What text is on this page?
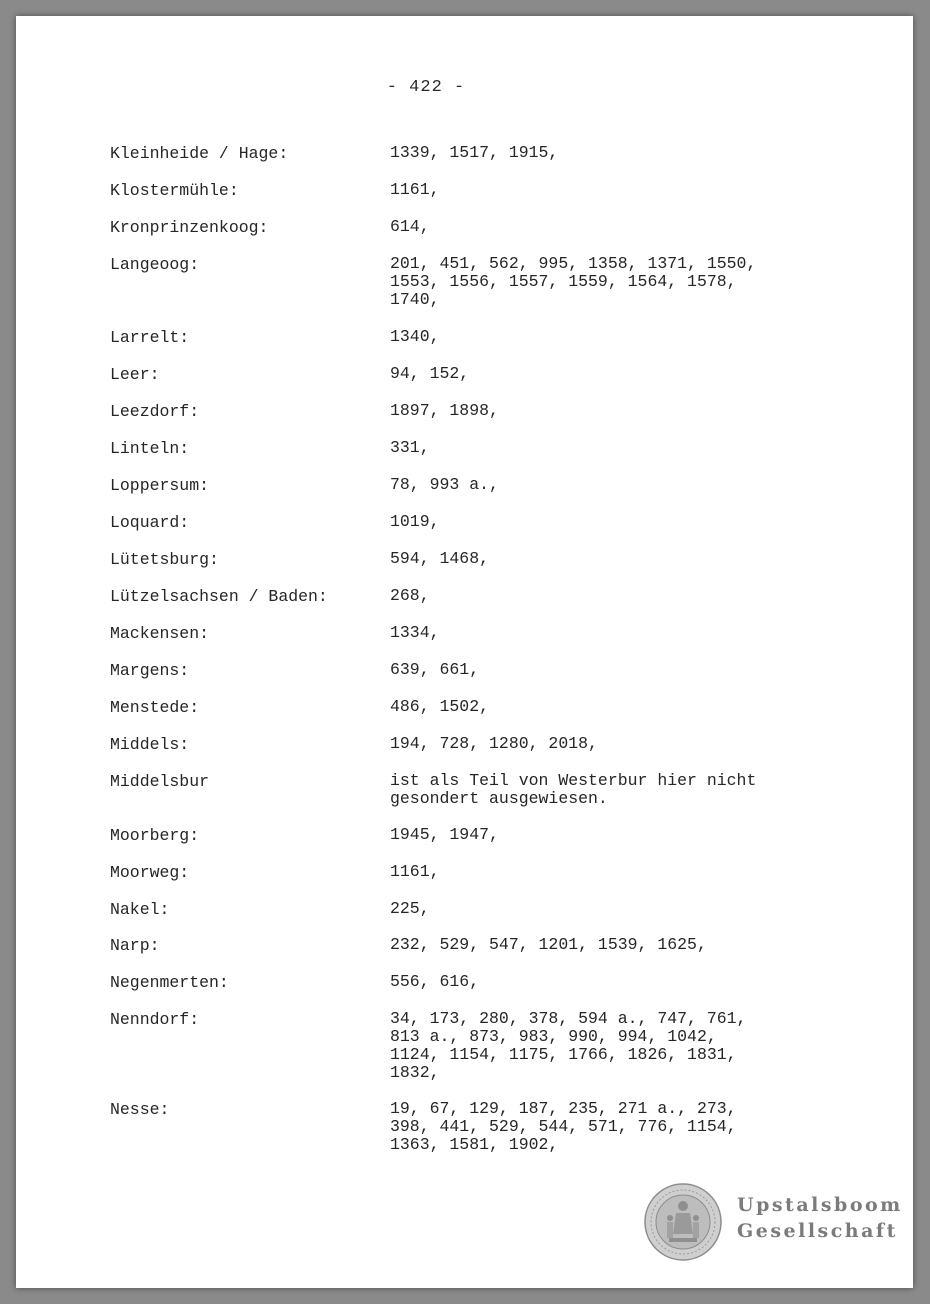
- 422 -
Kleinheide / Hage:	1339, 1517, 1915,
Klostermühle:	1161,
Kronprinzenkoog:	614,
Langeoog:	201, 451, 562, 995, 1358, 1371, 1550,
1553, 1556, 1557, 1559, 1564, 1578,
1740,
Larrelt:	1340,
Leer:	94, 152,
Leezdorf:	1897, 1898,
Linteln:	331,
Loppersum:	78, 993 a.,
Loquard:	1019,
Lütetsburg:	594, 1468,
Lützelsachsen / Baden:	268,
Mackensen:	1334,
Margens:	639, 661,
Menstede:	486, 1502,
Middels:	194, 728, 1280, 2018,
Middelsbur	ist als Teil von Westerbur hier nicht
gesondert ausgewiesen.
Moorberg:	1945, 1947,
Moorweg:	1161,
Nakel:	225,
Narp:	232, 529, 547, 1201, 1539, 1625,
Negenmerten:	556, 616,
Nenndorf:	34, 173, 280, 378, 594 a., 747, 761,
813 a., 873, 983, 990, 994, 1042,
1124, 1154, 1175, 1766, 1826, 1831,
1832,
Nesse:	19, 67, 129, 187, 235, 271 a., 273,
398, 441, 529, 544, 571, 776, 1154,
1363, 1581, 1902,
Upstalsboom
Gesellschaft
